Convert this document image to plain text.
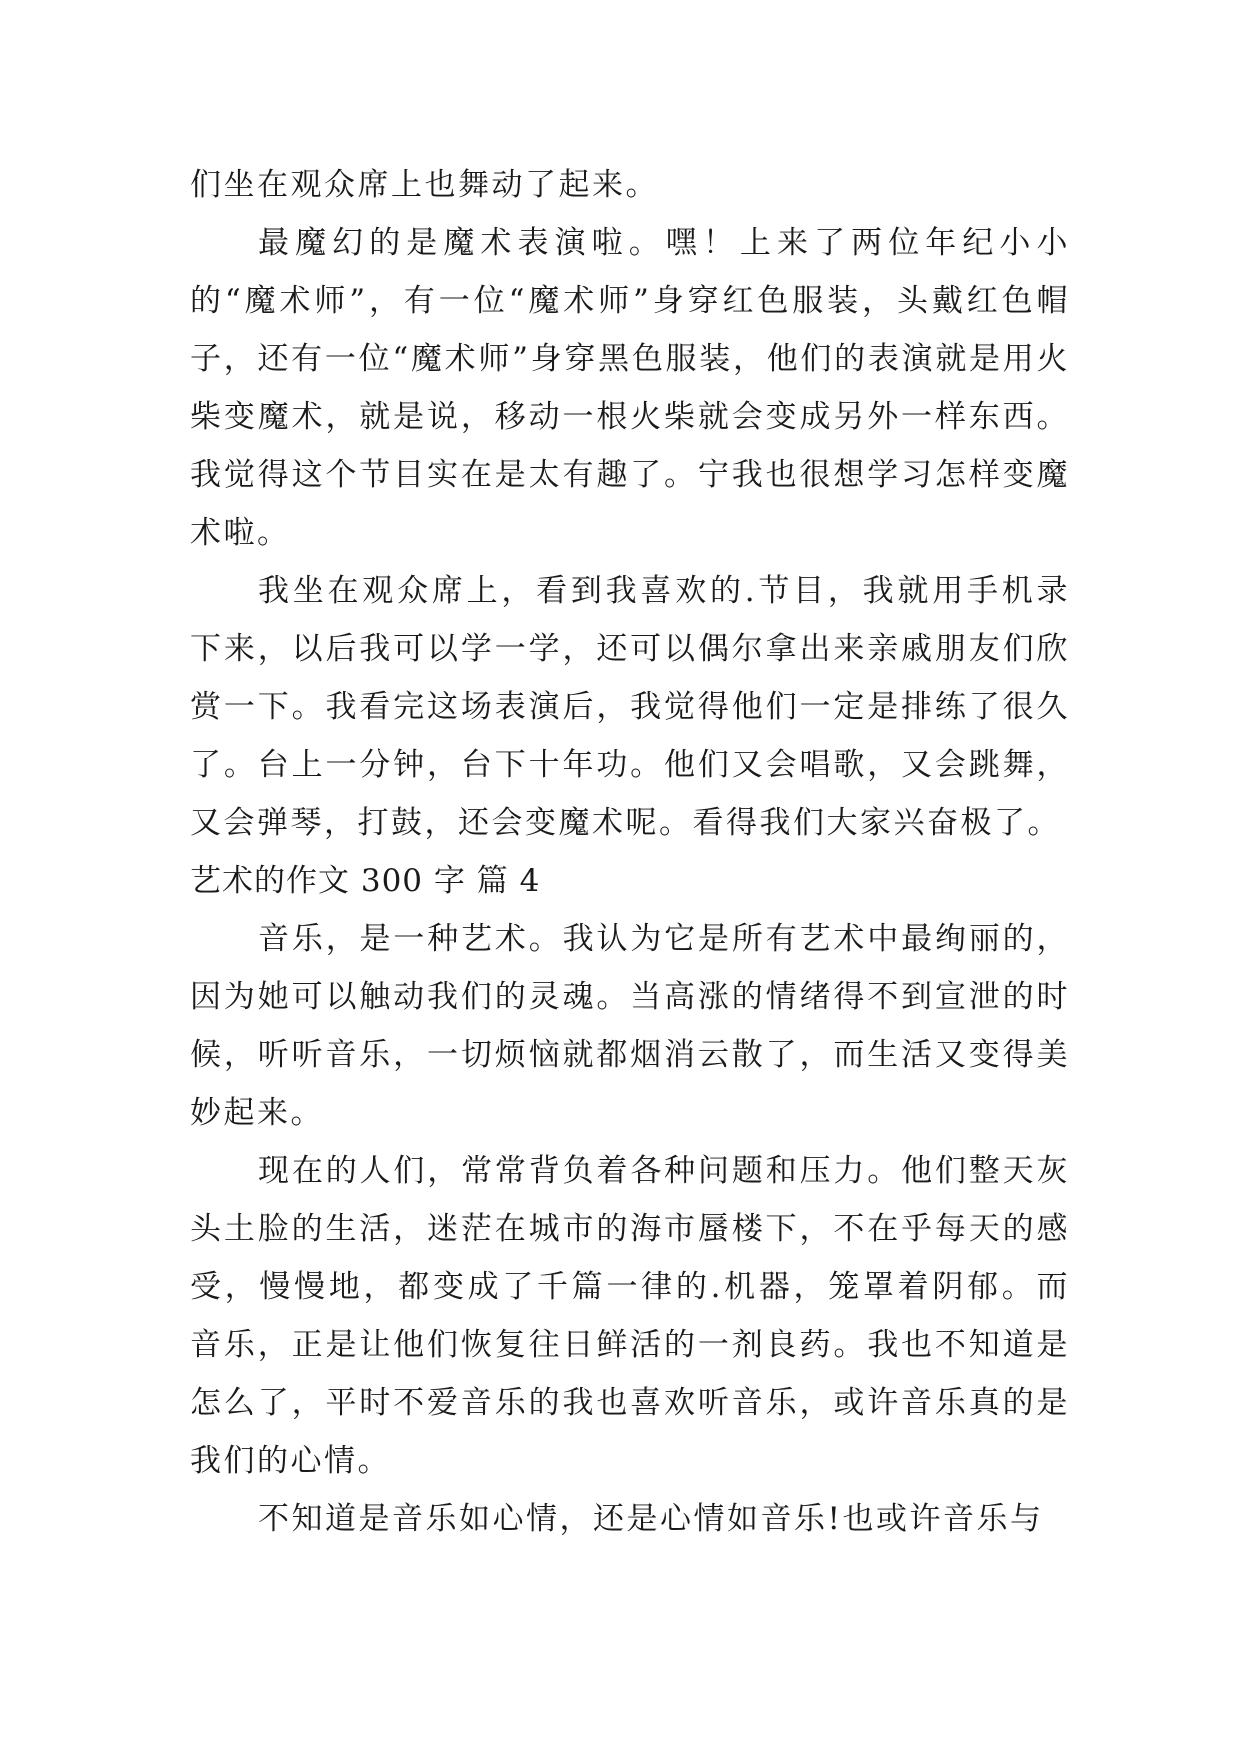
们坐在观众席上也舞动了起来。

最魔幻的是魔术表演啦。嘿！上来了两位年纪小小的“魔术师”，有一位“魔术师”身穿红色服装，头戴红色帽子，还有一位“魔术师”身穿黑色服装，他们的表演就是用火柴变魔术，就是说，移动一根火柴就会变成另外一样东西。我觉得这个节目实在是太有趣了。宁我也很想学习怎样变魔术啦。

我坐在观众席上，看到我喜欢的.节目，我就用手机录下来，以后我可以学一学，还可以偶尔拿出来亲戚朋友们欣赏一下。我看完这场表演后，我觉得他们一定是排练了很久了。台上一分钟，台下十年功。他们又会唱歌，又会跳舞，又会弹琴，打鼓，还会变魔术呢。看得我们大家兴奋极了。

艺术的作文 300 字 篇 4

音乐，是一种艺术。我认为它是所有艺术中最绚丽的，因为她可以触动我们的灵魂。当高涨的情绪得不到宣泄的时候，听听音乐，一切烦恼就都烟消云散了，而生活又变得美妙起来。

现在的人们，常常背负着各种问题和压力。他们整天灰头土脸的生活，迷茫在城市的海市蜃楼下，不在乎每天的感受，慢慢地，都变成了千篇一律的.机器，笼罩着阴郁。而音乐，正是让他们恢复往日鲜活的一剂良药。我也不知道是怎么了，平时不爱音乐的我也喜欢听音乐，或许音乐真的是我们的心情。

不知道是音乐如心情，还是心情如音乐!也或许音乐与
